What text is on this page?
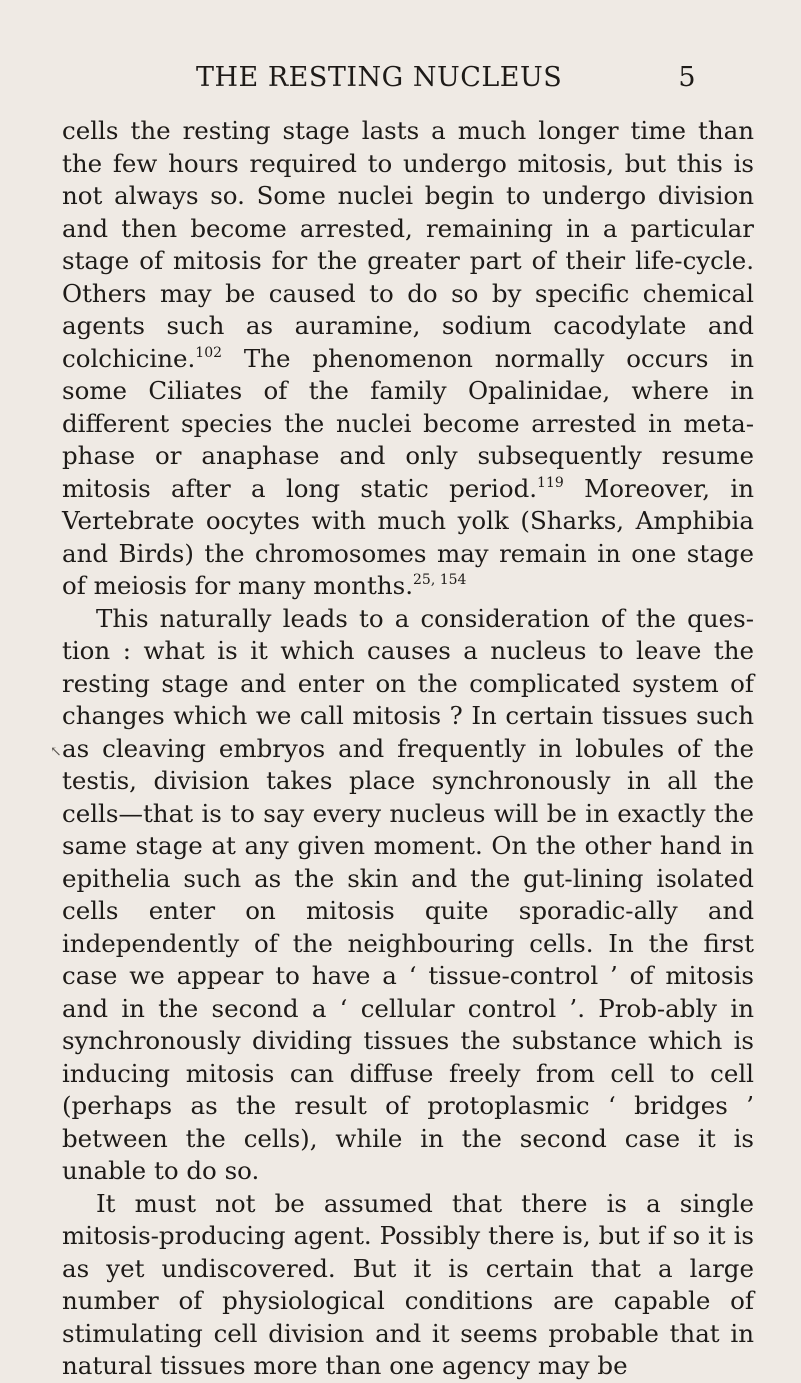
THE RESTING NUCLEUS	5
↖

cells the resting stage lasts a much longer time than the few hours required to undergo mitosis, but this is not always so. Some nuclei begin to undergo division and then become arrested, remaining in a particular stage of mitosis for the greater part of their life-cycle. Others may be caused to do so by specific chemical agents such as auramine, sodium cacodylate and colchicine.$^{102}$ The phenomenon normally occurs in some Ciliates of the family Opalinidae, where in different species the nuclei become arrested in meta-phase or anaphase and only subsequently resume mitosis after a long static period.$^{119}$ Moreover, in Vertebrate oocytes with much yolk (Sharks, Amphibia and Birds) the chromosomes may remain in one stage of meiosis for many months.$^{25, 154}$

This naturally leads to a consideration of the ques-tion : what is it which causes a nucleus to leave the resting stage and enter on the complicated system of changes which we call mitosis ? In certain tissues such as cleaving embryos and frequently in lobules of the testis, division takes place synchronously in all the cells—that is to say every nucleus will be in exactly the same stage at any given moment. On the other hand in epithelia such as the skin and the gut-lining isolated cells enter on mitosis quite sporadic-ally and independently of the neighbouring cells. In the first case we appear to have a ‘ tissue-control ’ of mitosis and in the second a ‘ cellular control ’. Prob-ably in synchronously dividing tissues the substance which is inducing mitosis can diffuse freely from cell to cell (perhaps as the result of protoplasmic ‘ bridges ’ between the cells), while in the second case it is unable to do so.

It must not be assumed that there is a single mitosis-producing agent. Possibly there is, but if so it is as yet undiscovered. But it is certain that a large number of physiological conditions are capable of stimulating cell division and it seems probable that in natural tissues more than one agency may be
